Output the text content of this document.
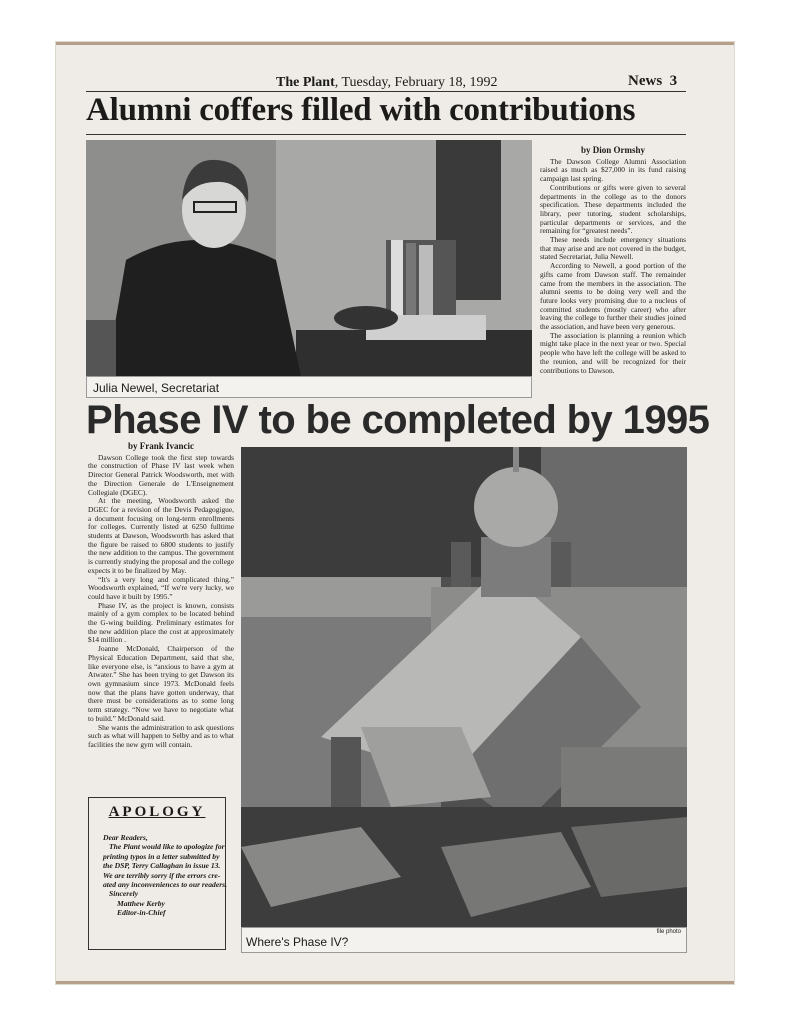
The Plant, Tuesday, February 18, 1992	News 3
Alumni coffers filled with contributions
Julia Newel, Secretariat
by Dion Ormshy

The Dawson College Alumni Association raised as much as $27,000 in its fund raising campaign last spring.

Contributions or gifts were given to several departments in the college as to the donors specification. These departments included the library, peer tutoring, student scholarships, particular departments or services, and the remaining for “greatest needs”.

These needs include emergency situations that may arise and are not covered in the budget, stated Secretariat, Julia Newell.

According to Newell, a good portion of the gifts came from Dawson staff. The remainder came from the members in the association. The alumni seems to be doing very well and the future looks very promising due to a nucleus of committed students (mostly career) who after leaving the college to further their studies joined the association, and have been very generous.

The association is planning a reunion which might take place in the next year or two. Special people who have left the college will be asked to the reunion, and will be recognized for their contributions to Dawson.

Phase IV to be completed by 1995
by Frank Ivancic

Dawson College took the first step towards the construction of Phase IV last week when Director General Patrick Woodsworth, met with the Direction Generale de L'Enseignement Collegiale (DGEC).

At the meeting, Woodsworth asked the DGEC for a revision of the Devis Pedagogigue, a document focusing on long-term enrollments for colleges. Currently listed at 6250 fulltime students at Dawson, Woodsworth has asked that the figure be raised to 6800 students to justify the new addition to the campus. The government is currently studying the proposal and the college expects it to be finalized by May.

“It's a very long and complicated thing.” Woodsworth explained, “If we're very lucky, we could have it built by 1995.”

Phase IV, as the project is known, consists mainly of a gym complex to be located behind the G-wing building. Preliminary estimates for the new addition place the cost at approximately $14 million .

Joanne McDonald, Chairperson of the Physical Education Department, said that she, like everyone else, is “anxious to have a gym at Atwater.” She has been trying to get Dawson its own gymnasium since 1973. McDonald feels now that the plans have gotten underway, that there must be considerations as to some long term strategy. “Now we have to negotiate what to build.” McDonald said.

She wants the administration to ask questions such as what will happen to Selby and as to what facilities the new gym will contain.

Where's Phase IV?
file photo
APOLOGY
Dear Readers,
The Plant would like to apologize for
printing typos in a letter submitted by
the DSP, Terry Callaghan in issue 13.
We are terribly sorry if the errors cre-
ated any inconveniences to our readers.
Sincerely
Matthew Kerby
Editor-in-Chief
